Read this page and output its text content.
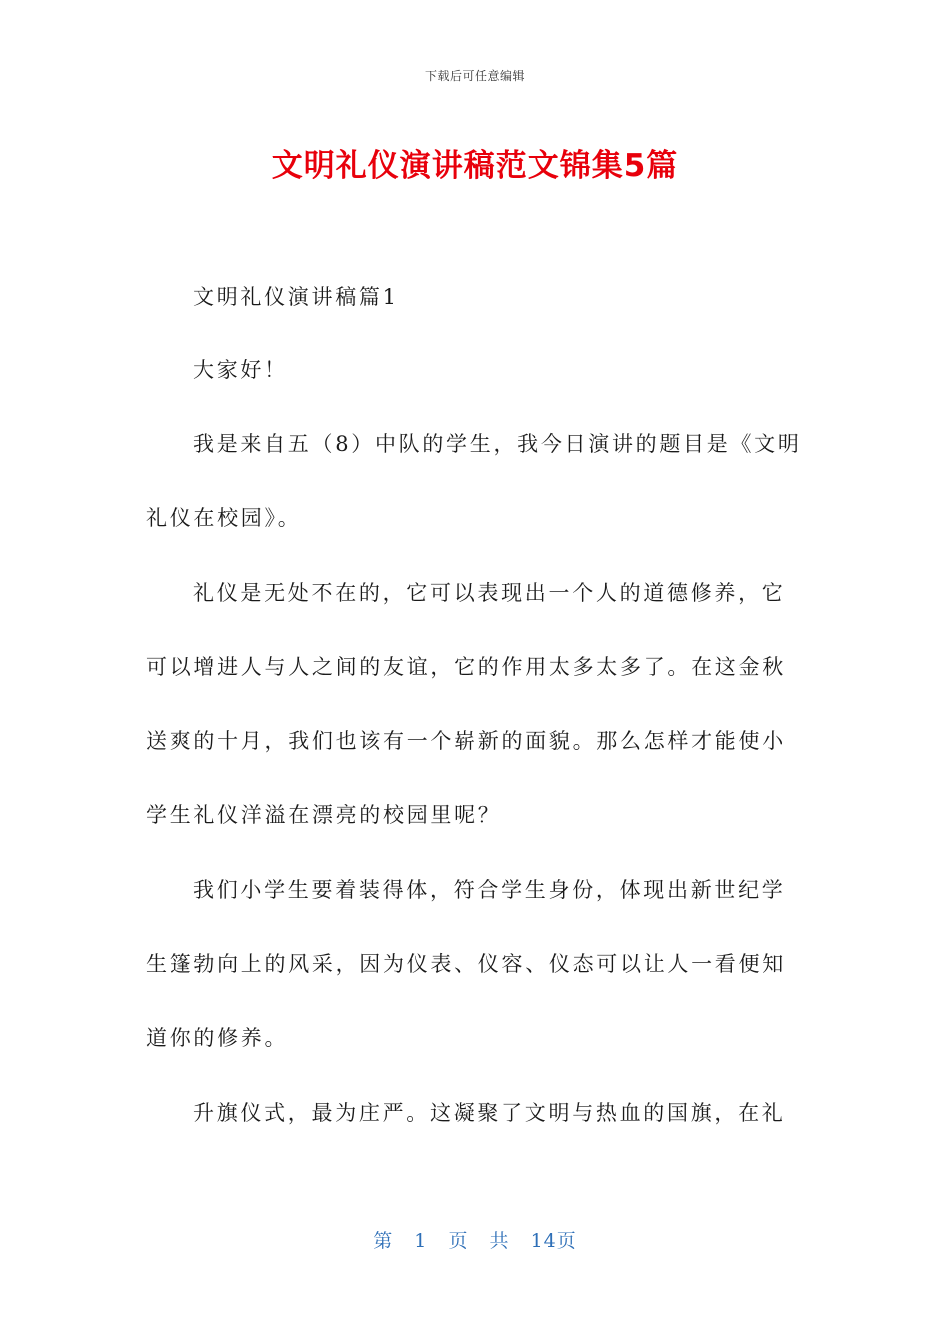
下载后可任意编辑
文明礼仪演讲稿范文锦集5篇
文明礼仪演讲稿篇1
大家好！
我是来自五（8）中队的学生，我今日演讲的题目是《文明
礼仪在校园》。
礼仪是无处不在的，它可以表现出一个人的道德修养，它
可以增进人与人之间的友谊，它的作用太多太多了。在这金秋
送爽的十月，我们也该有一个崭新的面貌。那么怎样才能使小
学生礼仪洋溢在漂亮的校园里呢？
我们小学生要着装得体，符合学生身份，体现出新世纪学
生篷勃向上的风采，因为仪表、仪容、仪态可以让人一看便知
道你的修养。
升旗仪式，最为庄严。这凝聚了文明与热血的国旗，在礼
第 1 页 共 14页
